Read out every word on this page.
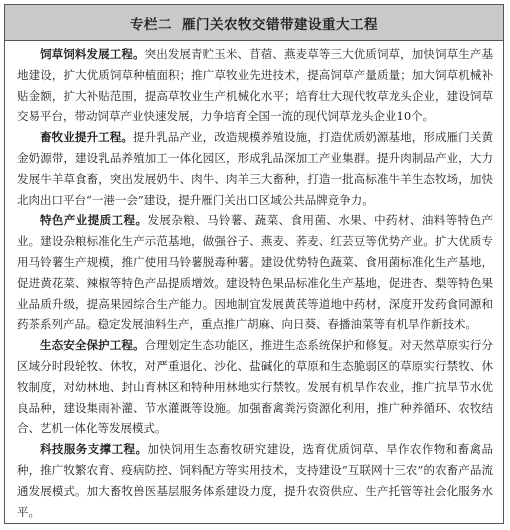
专栏二 雁门关农牧交错带建设重大工程

饲草饲料发展工程。突出发展青贮玉米、苜蓿、燕麦草等三大优质饲草，加快饲草生产基地建设，扩大优质饲草种植面积；推广草牧业先进技术，提高饲草产量质量；加大饲草机械补贴金额，扩大补贴范围，提高草牧业生产机械化水平；培育壮大现代牧草龙头企业，建设饲草交易平台，带动饲草产业快速发展，力争培育全国一流的现代饲草龙头企业10个。

畜牧业提升工程。提升乳品产业，改造规模养殖设施，打造优质奶源基地，形成雁门关黄金奶源带，建设乳品养殖加工一体化园区，形成乳品深加工产业集群。提升肉制品产业，大力发展牛羊草食畜，突出发展奶牛、肉牛、肉羊三大畜种，打造一批高标准牛羊生态牧场，加快北肉出口平台“一港一会”建设，提升雁门关出口区域公共品牌竞争力。

特色产业提质工程。发展杂粮、马铃薯、蔬菜、食用菌、水果、中药材、油料等特色产业。建设杂粮标准化生产示范基地，做强谷子、燕麦、荞麦、红芸豆等优势产业。扩大优质专用马铃薯生产规模，推广使用马铃薯脱毒种薯。建设优势特色蔬菜、食用菌标准化生产基地，促进黄花菜、辣椒等特色产品提质增效。建设特色果品标准化生产基地，促进杏、梨等特色果业品质升级，提高果园综合生产能力。因地制宜发展黄芪等道地中药材，深度开发药食同源和药茶系列产品。稳定发展油料生产，重点推广胡麻、向日葵、春播油菜等有机旱作新技术。

生态安全保护工程。合理划定生态功能区，推进生态系统保护和修复。对天然草原实行分区域分时段轮牧、休牧，对严重退化、沙化、盐碱化的草原和生态脆弱区的草原实行禁牧、休牧制度，对幼林地、封山育林区和特种用林地实行禁牧。发展有机旱作农业，推广抗旱节水优良品种，建设集雨补灌、节水灌溉等设施。加强畜禽粪污资源化利用，推广种养循环、农牧结合、艺机一体化等发展模式。

科技服务支撑工程。加快饲用生态畜牧研究建设，选育优质饲草、旱作农作物和畜禽品种，推广牧繁农育、疫病防控、饲料配方等实用技术，支持建设“互联网十三农”的农畜产品流通发展模式。加大畜牧兽医基层服务体系建设力度，提升农资供应、生产托管等社会化服务水平。
